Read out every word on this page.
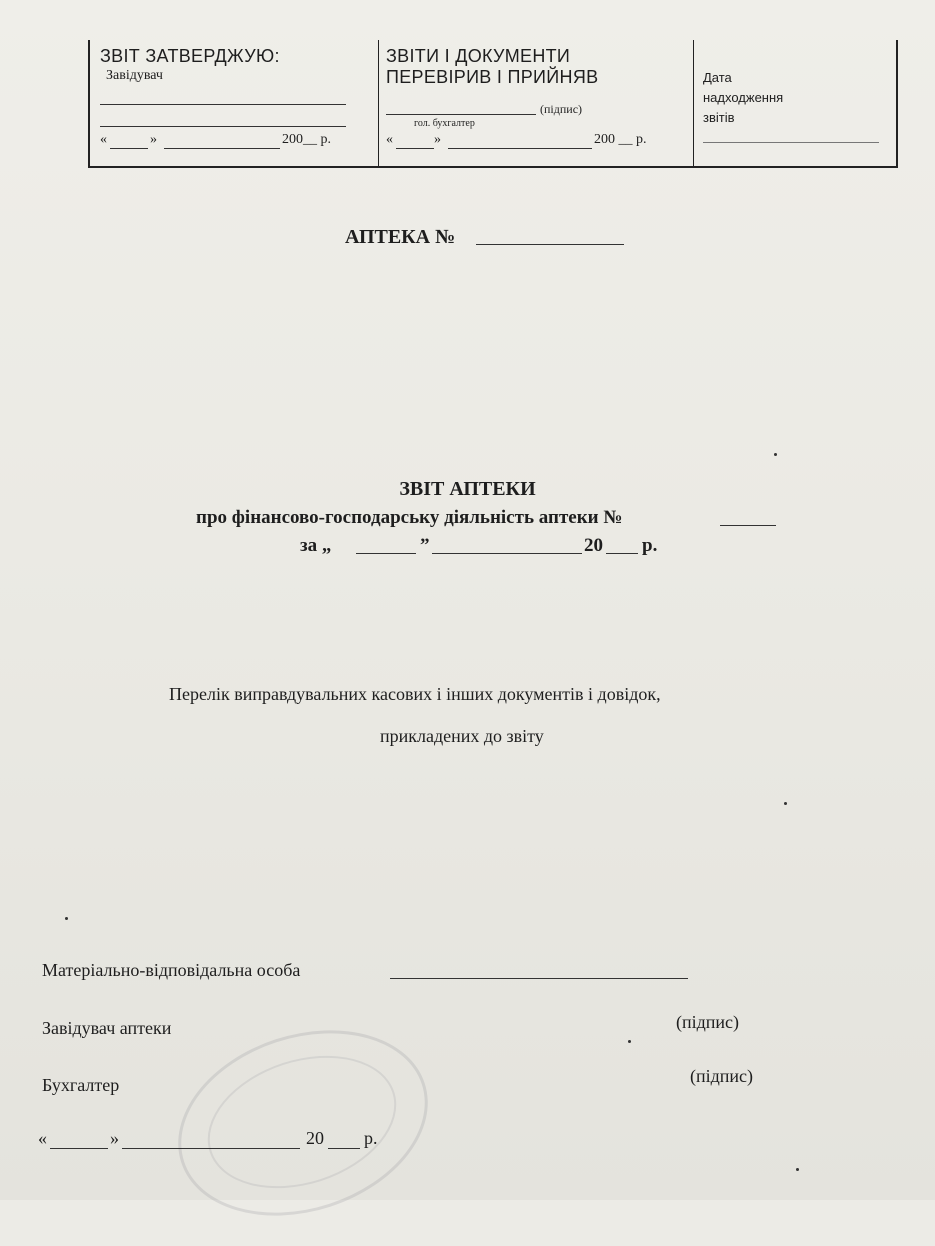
ЗВІТ ЗАТВЕРДЖУЮ:
Завідувач
«	»	200__ р.
ЗВІТИ І ДОКУМЕНТИ
ПЕРЕВІРИВ І ПРИЙНЯВ
(підпис)
гол. бухгалтер
«	»	200 __ р.
Дата
надходження
звітів
АПТЕКА №
ЗВІТ АПТЕКИ
про фінансово-господарську діяльність аптеки №
за „	”	20 р.
Перелік виправдувальних касових і інших документів і довідок,
прикладених до звіту
Матеріально-відповідальна особа
Завідувач аптеки	(підпис)
Бухгалтер	(підпис)
«	»	20 р.
